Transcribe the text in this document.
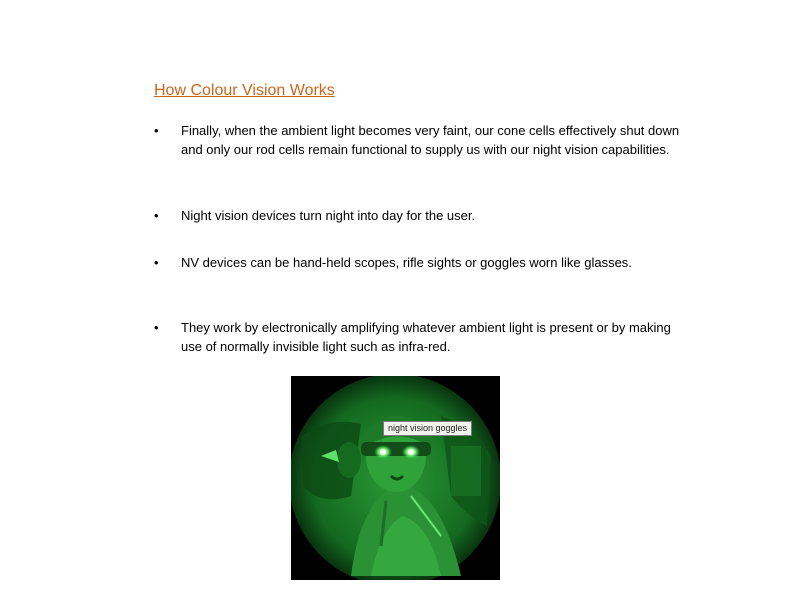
How Colour Vision Works
• Finally, when the ambient light becomes very faint, our cone cells effectively shut down and only our rod cells remain functional to supply us with our night vision capabilities.
• Night vision devices turn night into day for the user.
• NV devices can be hand-held scopes, rifle sights or goggles worn like glasses.
• They work by electronically amplifying whatever ambient light is present or by making use of normally invisible light such as infra-red.
night vision goggles
